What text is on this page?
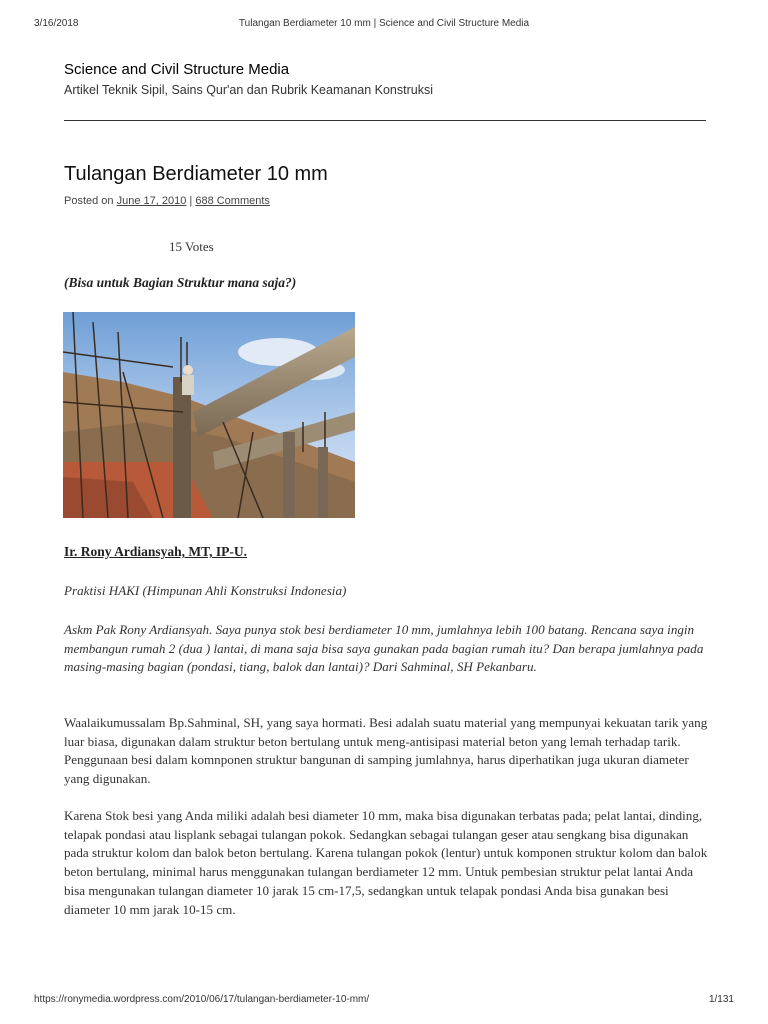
3/16/2018	Tulangan Berdiameter 10 mm | Science and Civil Structure Media
Science and Civil Structure Media

Artikel Teknik Sipil, Sains Qur'an dan Rubrik Keamanan Konstruksi

Tulangan Berdiameter 10 mm
Posted on June 17, 2010 | 688 Comments
15 Votes
(Bisa untuk Bagian Struktur mana saja?)
Ir. Rony Ardiansyah, MT, IP-U.

Praktisi HAKI (Himpunan Ahli Konstruksi Indonesia)

Askm Pak Rony Ardiansyah. Saya punya stok besi berdiameter 10 mm, jumlahnya lebih 100 batang. Rencana saya ingin membangun rumah 2 (dua ) lantai, di mana saja bisa saya gunakan pada bagian rumah itu? Dan berapa jumlahnya pada masing-masing bagian (pondasi, tiang, balok dan lantai)? Dari Sahminal, SH Pekanbaru.

Waalaikumussalam Bp.Sahminal, SH, yang saya hormati. Besi adalah suatu material yang mempunyai kekuatan tarik yang luar biasa, digunakan dalam struktur beton bertulang untuk meng-antisipasi material beton yang lemah terhadap tarik. Penggunaan besi dalam komnponen struktur bangunan di samping jumlahnya, harus diperhatikan juga ukuran diameter yang digunakan.

Karena Stok besi yang Anda miliki adalah besi diameter 10 mm, maka bisa digunakan terbatas pada; pelat lantai, dinding, telapak pondasi atau lisplank sebagai tulangan pokok. Sedangkan sebagai tulangan geser atau sengkang bisa digunakan pada struktur kolom dan balok beton bertulang. Karena tulangan pokok (lentur) untuk komponen struktur kolom dan balok beton bertulang, minimal harus menggunakan tulangan berdiameter 12 mm. Untuk pembesian struktur pelat lantai Anda bisa mengunakan tulangan diameter 10 jarak 15 cm-17,5, sedangkan untuk telapak pondasi Anda bisa gunakan besi diameter 10 mm jarak 10-15 cm.

https://ronymedia.wordpress.com/2010/06/17/tulangan-berdiameter-10-mm/	1/131
